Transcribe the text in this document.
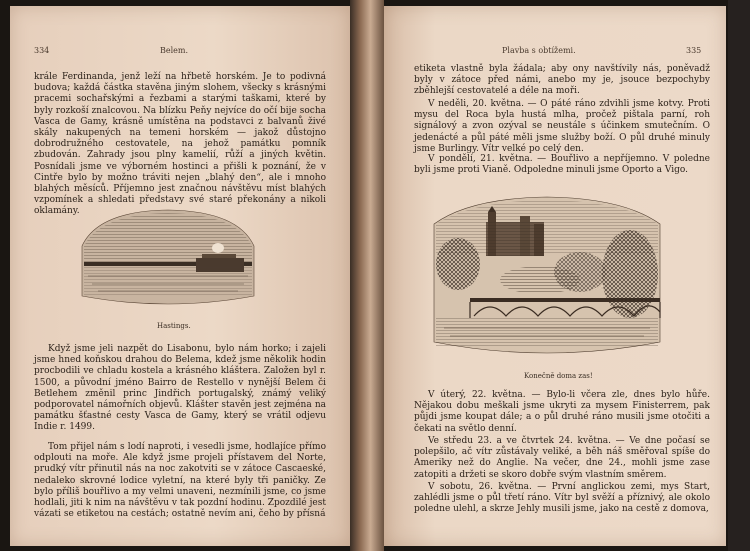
334	Belem.

krále Ferdinanda, jenž leží na hřbetě horském. Je to podivná budova; každá částka stavěna jiným slohem, všecky s krásnými pracemi sochařskými a řezbami a starými taškami, které by byly rozkoší znalcovou. Na blízku Peňy nejvíce do očí bije socha Vasca de Gamy, krásně umístěna na podstavci z balvanů živé skály nakupených na temeni horském — jakož důstojno dobrodružného cestovatele, na jehož památku pomník zbudován. Zahrady jsou plny kamelií, růží a jiných květin. Posnídali jsme ve výborném hostinci a přišli k poznání, že v Cintře bylo by možno tráviti nejen „blahý den“, ale i mnoho blahých měsíců. Příjemno jest značnou návštěvu míst blahých vzpomínek a shledati představy své staré překonány a nikoli oklamány.

Hastings.

Když jsme jeli nazpět do Lisabonu, bylo nám horko; i zajeli jsme hned koňskou drahou do Belema, kdež jsme několik hodin procbodili ve chladu kostela a krásného kláštera. Založen byl r. 1500, a původní jméno Bairro de Restello v nynější Belem či Betlehem změnil princ Jindřich portugalský, známý veliký podporovatel námořních objevů. Klášter stavěn jest zejména na památku šťastné cesty Vasca de Gamy, který se vrátil odjevu Indie r. 1499.

Tom přijel nám s lodí naproti, i vesedli jsme, hodlajíce přímo odplouti na moře. Ale když jsme projeli přístavem del Norte, prudký vítr přinutil nás na noc zakotviti se v zátoce Cascaeské, nedaleko skrovné lodice vyletní, na které byly tři paničky. Ze bylo příliš bouřlivo a my velmi unaveni, nezmínili jsme, co jsme hodlali, jiti k nim na návštěvu v tak pozdní hodinu. Zpozdilé jest vázati se etiketou na cestách; ostatně nevím ani, čeho by přísná

Plavba s obtížemi.	335

etiketa vlastně byla žádala; aby ony navštívily nás, poněvadž byly v zátoce před námi, anebo my je, jsouce bezpochyby zběhlejší cestovatelé a déle na moři.

V neděli, 20. května. — O páté ráno zdvihli jsme kotvy. Proti mysu del Roca byla hustá mlha, pročež pištala parní, roh signálový a zvon ozýval se neustále s účinkem smutečním. O jedenácté a půl páté měli jsme služby boží. O půl druhé minuly jsme Burlingy. Vítr velké po celý den.

V pondělí, 21. května. — Bouřlivo a nepříjemno. V poledne byli jsme proti Vianě. Odpoledne minuli jsme Oporto a Vigo.

Konečně doma zas!

V úterý, 22. května. — Bylo-li včera zle, dnes bylo hůře. Nějakou dobu meškali jsme ukryti za mysem Finisterrem, pak půjdi jsme koupat dále; a o půl druhé ráno musili jsme otočiti a čekati na světlo denní.

Ve středu 23. a ve čtvrtek 24. května. — Ve dne počasí se polepšilo, ač vítr zůstávaly veliké, a běh náš směřoval spíše do Ameriky než do Anglie. Na večer, dne 24., mohli jsme zase zatopiti a držeti se skoro dobře svým vlastním směrem.

V sobotu, 26. května. — První anglickou zemi, mys Start, zahlédli jsme o půl třetí ráno. Vítr byl svěží a příznivý, ale okolo poledne ulehl, a skrze Jehly musili jsme, jako na cestě z domova,
